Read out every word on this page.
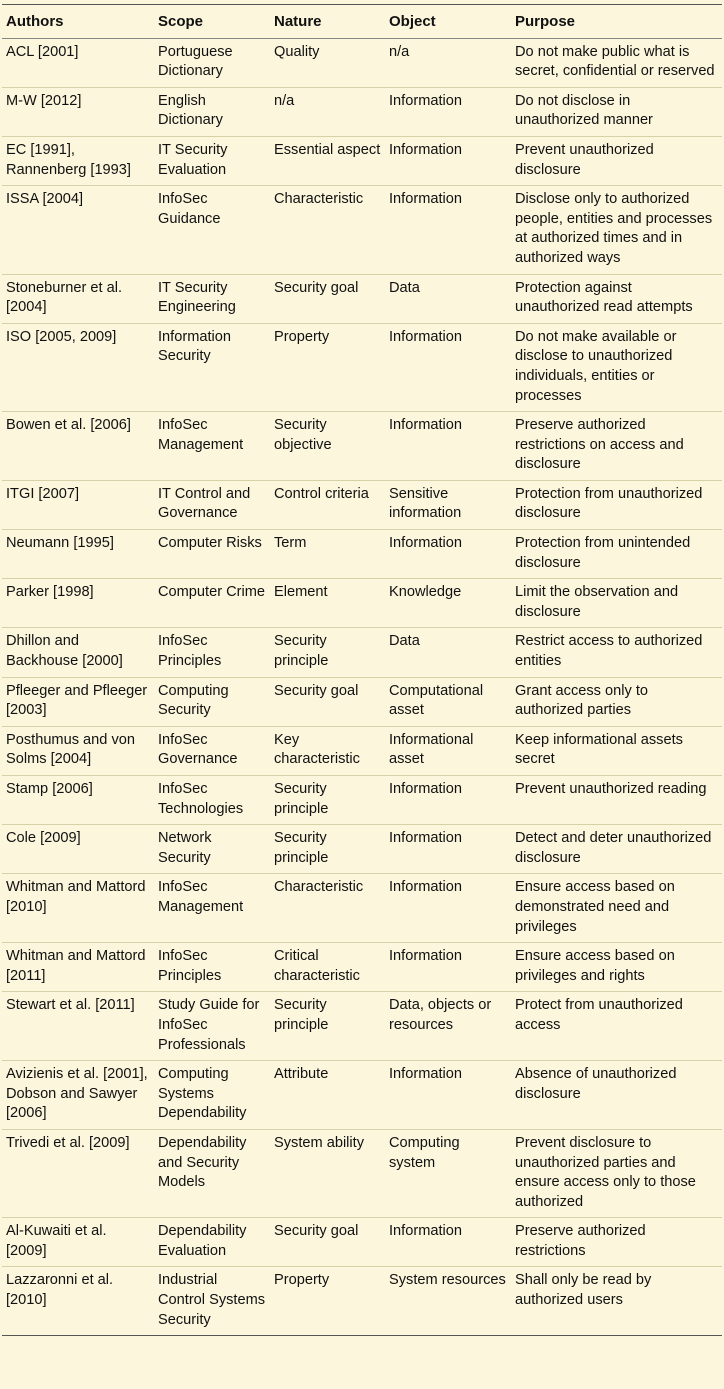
Authors	Scope	Nature	Object	Purpose
ACL [2001]	Portuguese Dictionary	Quality	n/a	Do not make public what is secret, confidential or reserved
M-W [2012]	English Dictionary	n/a	Information	Do not disclose in unauthorized manner
EC [1991], Rannenberg [1993]	IT Security Evaluation	Essential aspect	Information	Prevent unauthorized disclosure
ISSA [2004]	InfoSec Guidance	Characteristic	Information	Disclose only to authorized people, entities and processes at authorized times and in authorized ways
Stoneburner et al. [2004]	IT Security Engineering	Security goal	Data	Protection against unauthorized read attempts
ISO [2005, 2009]	Information Security	Property	Information	Do not make available or disclose to unauthorized individuals, entities or processes
Bowen et al. [2006]	InfoSec Management	Security objective	Information	Preserve authorized restrictions on access and disclosure
ITGI [2007]	IT Control and Governance	Control criteria	Sensitive information	Protection from unauthorized disclosure
Neumann [1995]	Computer Risks	Term	Information	Protection from unintended disclosure
Parker [1998]	Computer Crime	Element	Knowledge	Limit the observation and disclosure
Dhillon and Backhouse [2000]	InfoSec Principles	Security principle	Data	Restrict access to authorized entities
Pfleeger and Pfleeger [2003]	Computing Security	Security goal	Computational asset	Grant access only to authorized parties
Posthumus and von Solms [2004]	InfoSec Governance	Key characteristic	Informational asset	Keep informational assets secret
Stamp [2006]	InfoSec Technologies	Security principle	Information	Prevent unauthorized reading
Cole [2009]	Network Security	Security principle	Information	Detect and deter unauthorized disclosure
Whitman and Mattord [2010]	InfoSec Management	Characteristic	Information	Ensure access based on demonstrated need and privileges
Whitman and Mattord [2011]	InfoSec Principles	Critical characteristic	Information	Ensure access based on privileges and rights
Stewart et al. [2011]	Study Guide for InfoSec Professionals	Security principle	Data, objects or resources	Protect from unauthorized access
Avizienis et al. [2001], Dobson and Sawyer [2006]	Computing Systems Dependability	Attribute	Information	Absence of unauthorized disclosure
Trivedi et al. [2009]	Dependability and Security Models	System ability	Computing system	Prevent disclosure to unauthorized parties and ensure access only to those authorized
Al-Kuwaiti et al. [2009]	Dependability Evaluation	Security goal	Information	Preserve authorized restrictions
Lazzaronni et al. [2010]	Industrial Control Systems Security	Property	System resources	Shall only be read by authorized users
